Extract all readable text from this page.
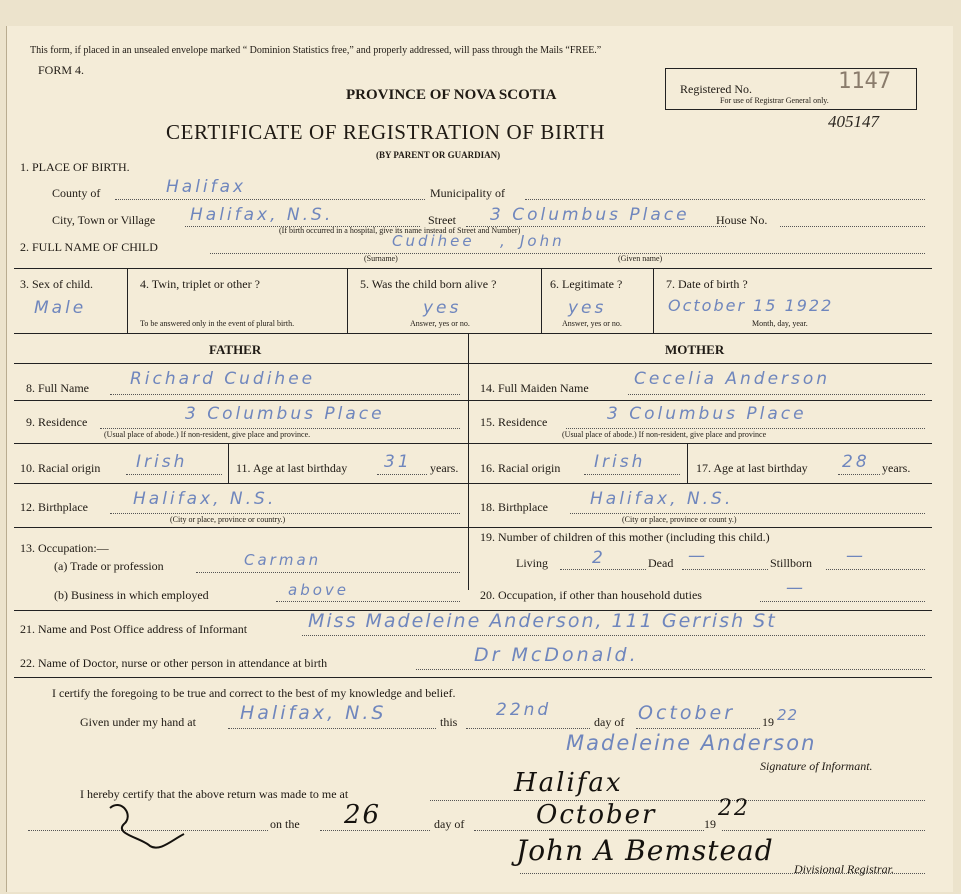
This form, if placed in an unsealed envelope marked “ Dominion Statistics free,” and properly addressed, will pass through the Mails “FREE.”
FORM 4.
PROVINCE OF NOVA SCOTIA
CERTIFICATE OF REGISTRATION OF BIRTH
(BY PARENT OR GUARDIAN)
Registered No.
For use of Registrar General only.
1147
405147
1. PLACE OF BIRTH.
County of	Halifax	Municipality of
City, Town or Village Halifax, N.S.	Street 3 Columbus Place House No.
(If birth occurred in a hospital, give its name instead of Street and Number)
2. FULL NAME OF CHILD	Cudihee , John
(Surname)	(Given name)
3. Sex of child.
Male
4. Twin, triplet or other ?
To be answered only in the event of plural birth.
5. Was the child born alive ?
yes
Answer, yes or no.
6. Legitimate ?
yes
Answer, yes or no.
7. Date of birth ?
October 15 1922
Month, day, year.
FATHER	MOTHER
8. Full Name Richard Cudihee
9. Residence	3 Columbus Place
(Usual place of abode.) If non-resident, give place and province.
10. Racial origin Irish	11. Age at last birthday 31 years.
12. Birthplace	Halifax, N.S.
(City or place, province or country.)
13. Occupation:—
(a) Trade or profession	Carman
(b) Business in which employed	above
14. Full Maiden Name	Cecelia Anderson
15. Residence	3 Columbus Place
(Usual place of abode.) If non-resident, give place and province
16. Racial origin Irish	17. Age at last birthday 28 years.
18. Birthplace Halifax, N.S.
(City or place, province or count y.)
19. Number of children of this mother (including this child.)
Living	2	Dead —	Stillborn —
20. Occupation, if other than household duties	—
21. Name and Post Office address of Informant	Miss Madeleine Anderson, 111 Gerrish St
22. Name of Doctor, nurse or other person in attendance at birth	Dr McDonald.
I certify the foregoing to be true and correct to the best of my knowledge and belief.
Given under my hand at Halifax, N.S	this
22nd
day of October 19 22
Madeleine Anderson
Signature of Informant.
I hereby certify that the above return was made to me at	Halifax
on the 26	day of	October	19
22
John A Bemstead
Divisional Registrar.
